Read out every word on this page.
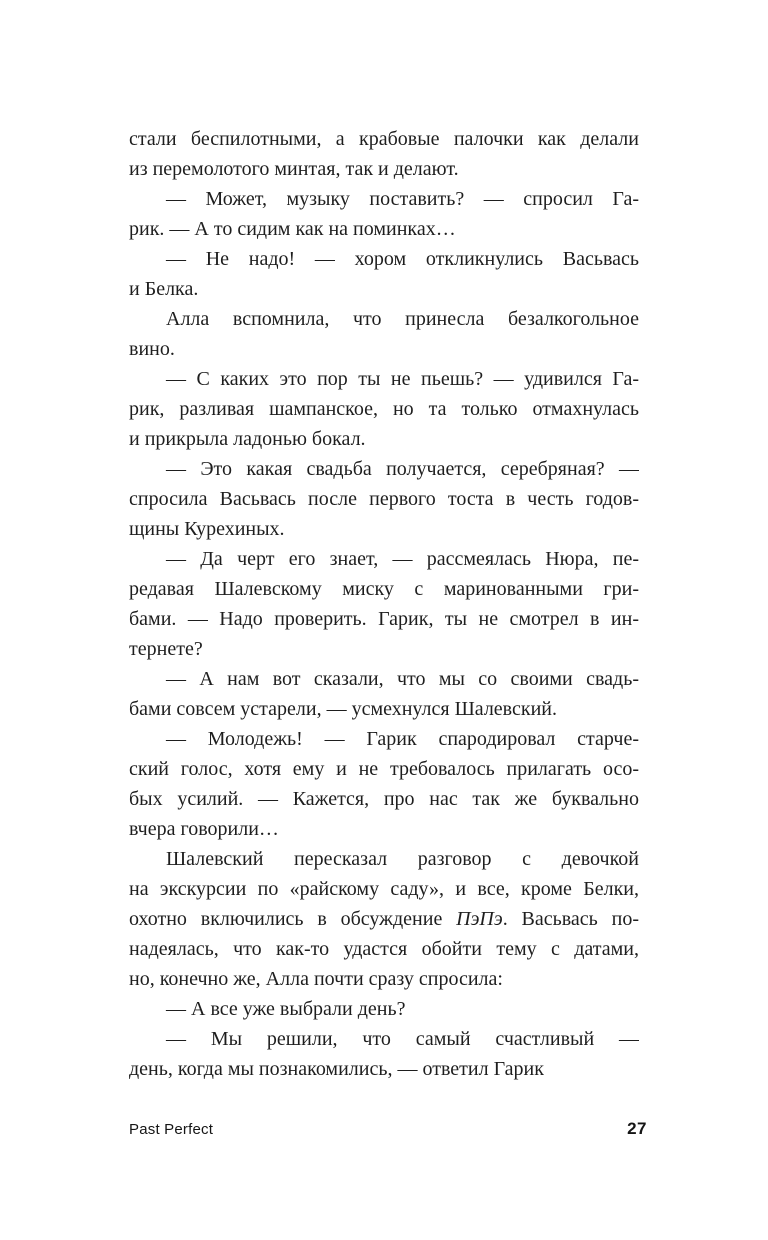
стали беспилотными, а крабовые палочки как делали
из перемолотого минтая, так и делают.
— Может, музыку поставить? — спросил Га-
рик. — А то сидим как на поминках…
— Не надо! — хором откликнулись Васьвась
и Белка.
Алла вспомнила, что принесла безалкогольное
вино.
— С каких это пор ты не пьешь? — удивился Га-
рик, разливая шампанское, но та только отмахнулась
и прикрыла ладонью бокал.
— Это какая свадьба получается, серебряная? —
спросила Васьвась после первого тоста в честь годов-
щины Курехиных.
— Да черт его знает, — рассмеялась Нюра, пе-
редавая Шалевскому миску с маринованными гри-
бами. — Надо проверить. Гарик, ты не смотрел в ин-
тернете?
— А нам вот сказали, что мы со своими свадь-
бами совсем устарели, — усмехнулся Шалевский.
— Молодежь! — Гарик спародировал старче-
ский голос, хотя ему и не требовалось прилагать осо-
бых усилий. — Кажется, про нас так же буквально
вчера говорили…
Шалевский пересказал разговор с девочкой
на экскурсии по «райскому саду», и все, кроме Белки,
охотно включились в обсуждение ПэПэ. Васьвась по-
надеялась, что как-то удастся обойти тему с датами,
но, конечно же, Алла почти сразу спросила:
— А все уже выбрали день?
— Мы решили, что самый счастливый —
день, когда мы познакомились, — ответил Гарик
Past Perfect	27
